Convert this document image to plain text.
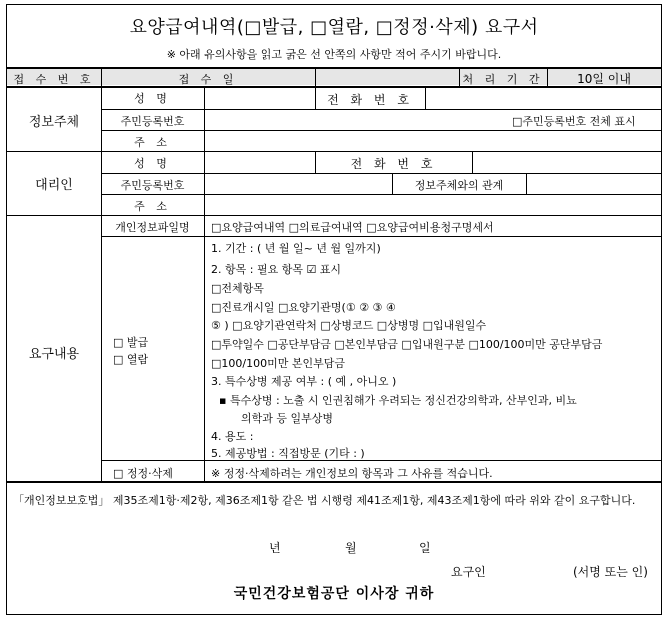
요양급여내역(□발급, □열람, □정정·삭제) 요구서
※ 아래 유의사항을 읽고 굵은 선 안쪽의 사항만 적어 주시기 바랍니다.
접 수 번 호	접 수 일	처 리 기 간	10일 이내
정보주체
성 명	전 화 번 호
주민등록번호	□주민등록번호 전체 표시
주 소
대리인
성 명	전 화 번 호
주민등록번호	정보주체와의 관계
주 소
요구내용
개인정보파일명	□요양급여내역 □의료급여내역 □요양급여비용청구명세서
□ 발급
□ 열람
1. 기간 : ( 년 월 일~ 년 월 일까지)
2. 항목 : 필요 항목 ☑ 표시
□전체항목
□진료개시일 □요양기관명(① ② ③ ④
⑤ ) □요양기관연락처 □상병코드 □상병명 □입내원일수
□투약일수 □공단부담금 □본인부담금 □입내원구분 □100/100미만 공단부담금
□100/100미만 본인부담금
3. 특수상병 제공 여부 : ( 예 , 아니오 )
▪ 특수상병 : 노출 시 인권침해가 우려되는 정신건강의학과, 산부인과, 비뇨
의학과 등 일부상병
4. 용도 :
5. 제공방법 : 직접방문 (기타 : )
□ 정정·삭제	※ 정정·삭제하려는 개인정보의 항목과 그 사유를 적습니다.
「개인정보보호법」 제35조제1항·제2항, 제36조제1항 같은 법 시행령 제41조제1항, 제43조제1항에 따라 위와 같이 요구합니다.
년	월	일
요구인	(서명 또는 인)
국민건강보험공단 이사장 귀하
